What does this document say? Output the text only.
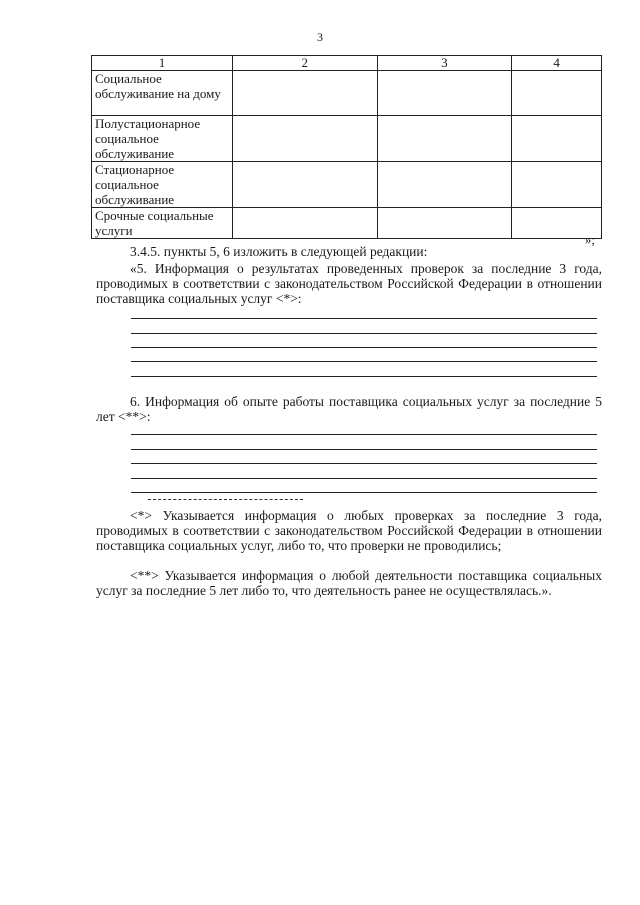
3
1	2	3	4
Социальное обслуживание на дому			
Полустационарное социальное обслуживание			
Стационарное социальное обслуживание			
Срочные социальные услуги			
»;
3.4.5. пункты 5, 6 изложить в следующей редакции:
«5. Информация о результатах проведенных проверок за последние 3 года, проводимых в соответствии с законодательством Российской Федерации в отношении поставщика социальных услуг <*>:
6. Информация об опыте работы поставщика социальных услуг за последние 5 лет <**>:
<*> Указывается информация о любых проверках за последние 3 года, проводимых в соответствии с законодательством Российской Федерации в отношении поставщика социальных услуг, либо то, что проверки не проводились;
<**> Указывается информация о любой деятельности поставщика социальных услуг за последние 5 лет либо то, что деятельность ранее не осуществлялась.».
